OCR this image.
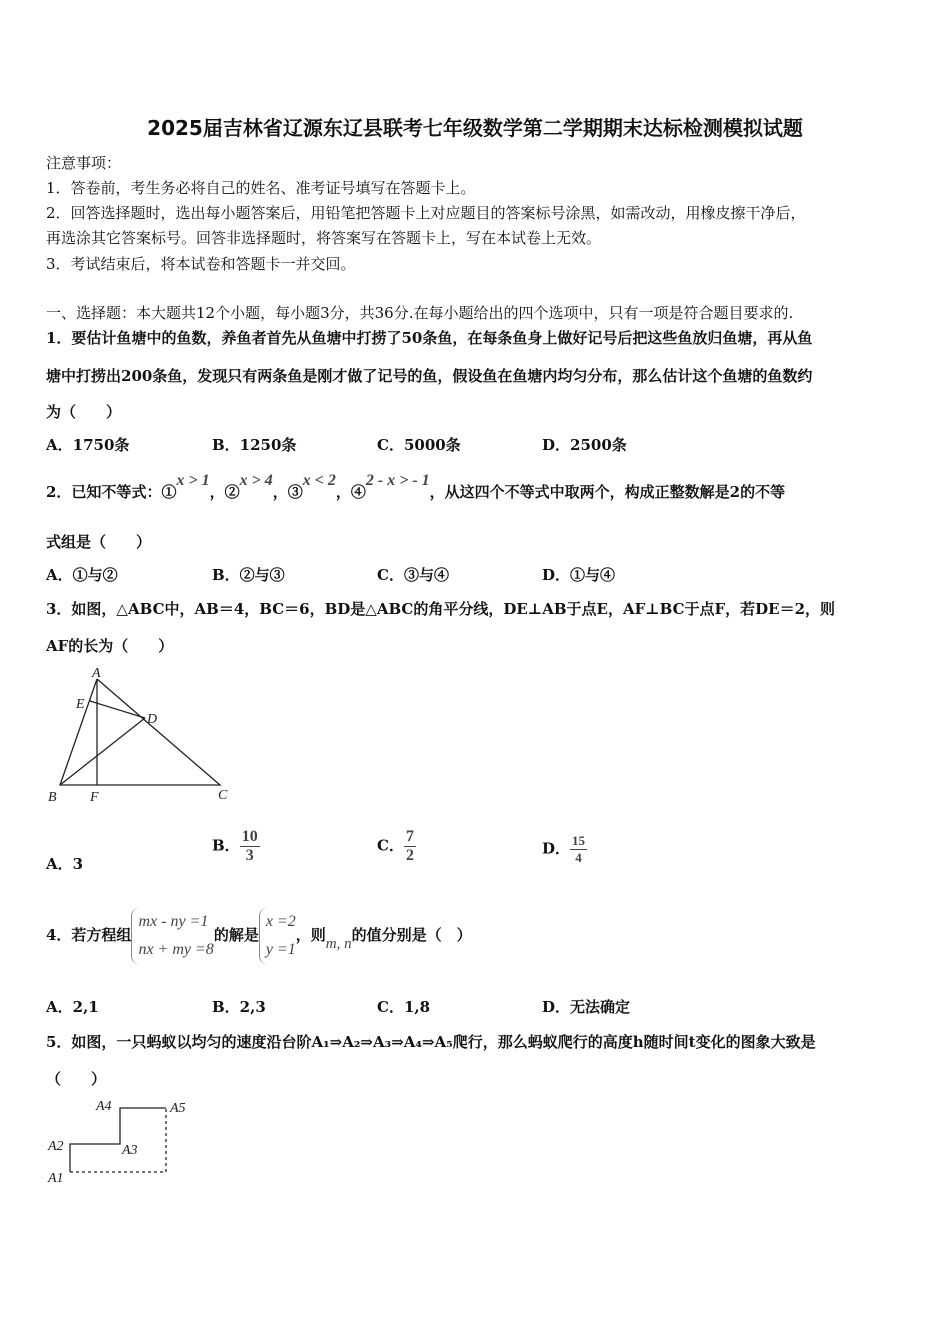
2025届吉林省辽源东辽县联考七年级数学第二学期期末达标检测模拟试题
注意事项：
1．答卷前，考生务必将自己的姓名、准考证号填写在答题卡上。
2．回答选择题时，选出每小题答案后，用铅笔把答题卡上对应题目的答案标号涂黑，如需改动，用橡皮擦干净后，
再选涂其它答案标号。回答非选择题时，将答案写在答题卡上，写在本试卷上无效。
3．考试结束后，将本试卷和答题卡一并交回。
一、选择题：本大题共12个小题，每小题3分，共36分.在每小题给出的四个选项中，只有一项是符合题目要求的.
1．要估计鱼塘中的鱼数，养鱼者首先从鱼塘中打捞了50条鱼，在每条鱼身上做好记号后把这些鱼放归鱼塘，再从鱼
塘中打捞出200条鱼，发现只有两条鱼是刚才做了记号的鱼，假设鱼在鱼塘内均匀分布，那么估计这个鱼塘的鱼数约
为（　　）
A．1750条	B．1250条	C．5000条	D．2500条
2．已知不等式：①x > 1，②x > 4，③x < 2，④2 - x > - 1，从这四个不等式中取两个，构成正整数解是2的不等
式组是（　　）
A．①与②	B．②与③	C．③与④	D．①与④
3．如图，△ABC中，AB＝4，BC＝6，BD是△ABC的角平分线，DE⊥AB于点E，AF⊥BC于点F，若DE＝2，则
AF的长为（　　）
A
E
D
B F	C
A．3
B． $\frac{10}{3}$	C． $\frac{7}{2}$	D． $\frac{15}{4}$
4．若方程组mx - ny =1
nx + my =8的解是x =2
y =1，则m, n的值分别是（　）
A．2,1	B．2,3	C．1,8	D．无法确定
5．如图，一只蚂蚁以均匀的速度沿台阶A₁⇒A₂⇒A₃⇒A₄⇒A₅爬行，那么蚂蚁爬行的高度h随时间t变化的图象大致是
（　　）
A4	A5
A2	A3
A1
